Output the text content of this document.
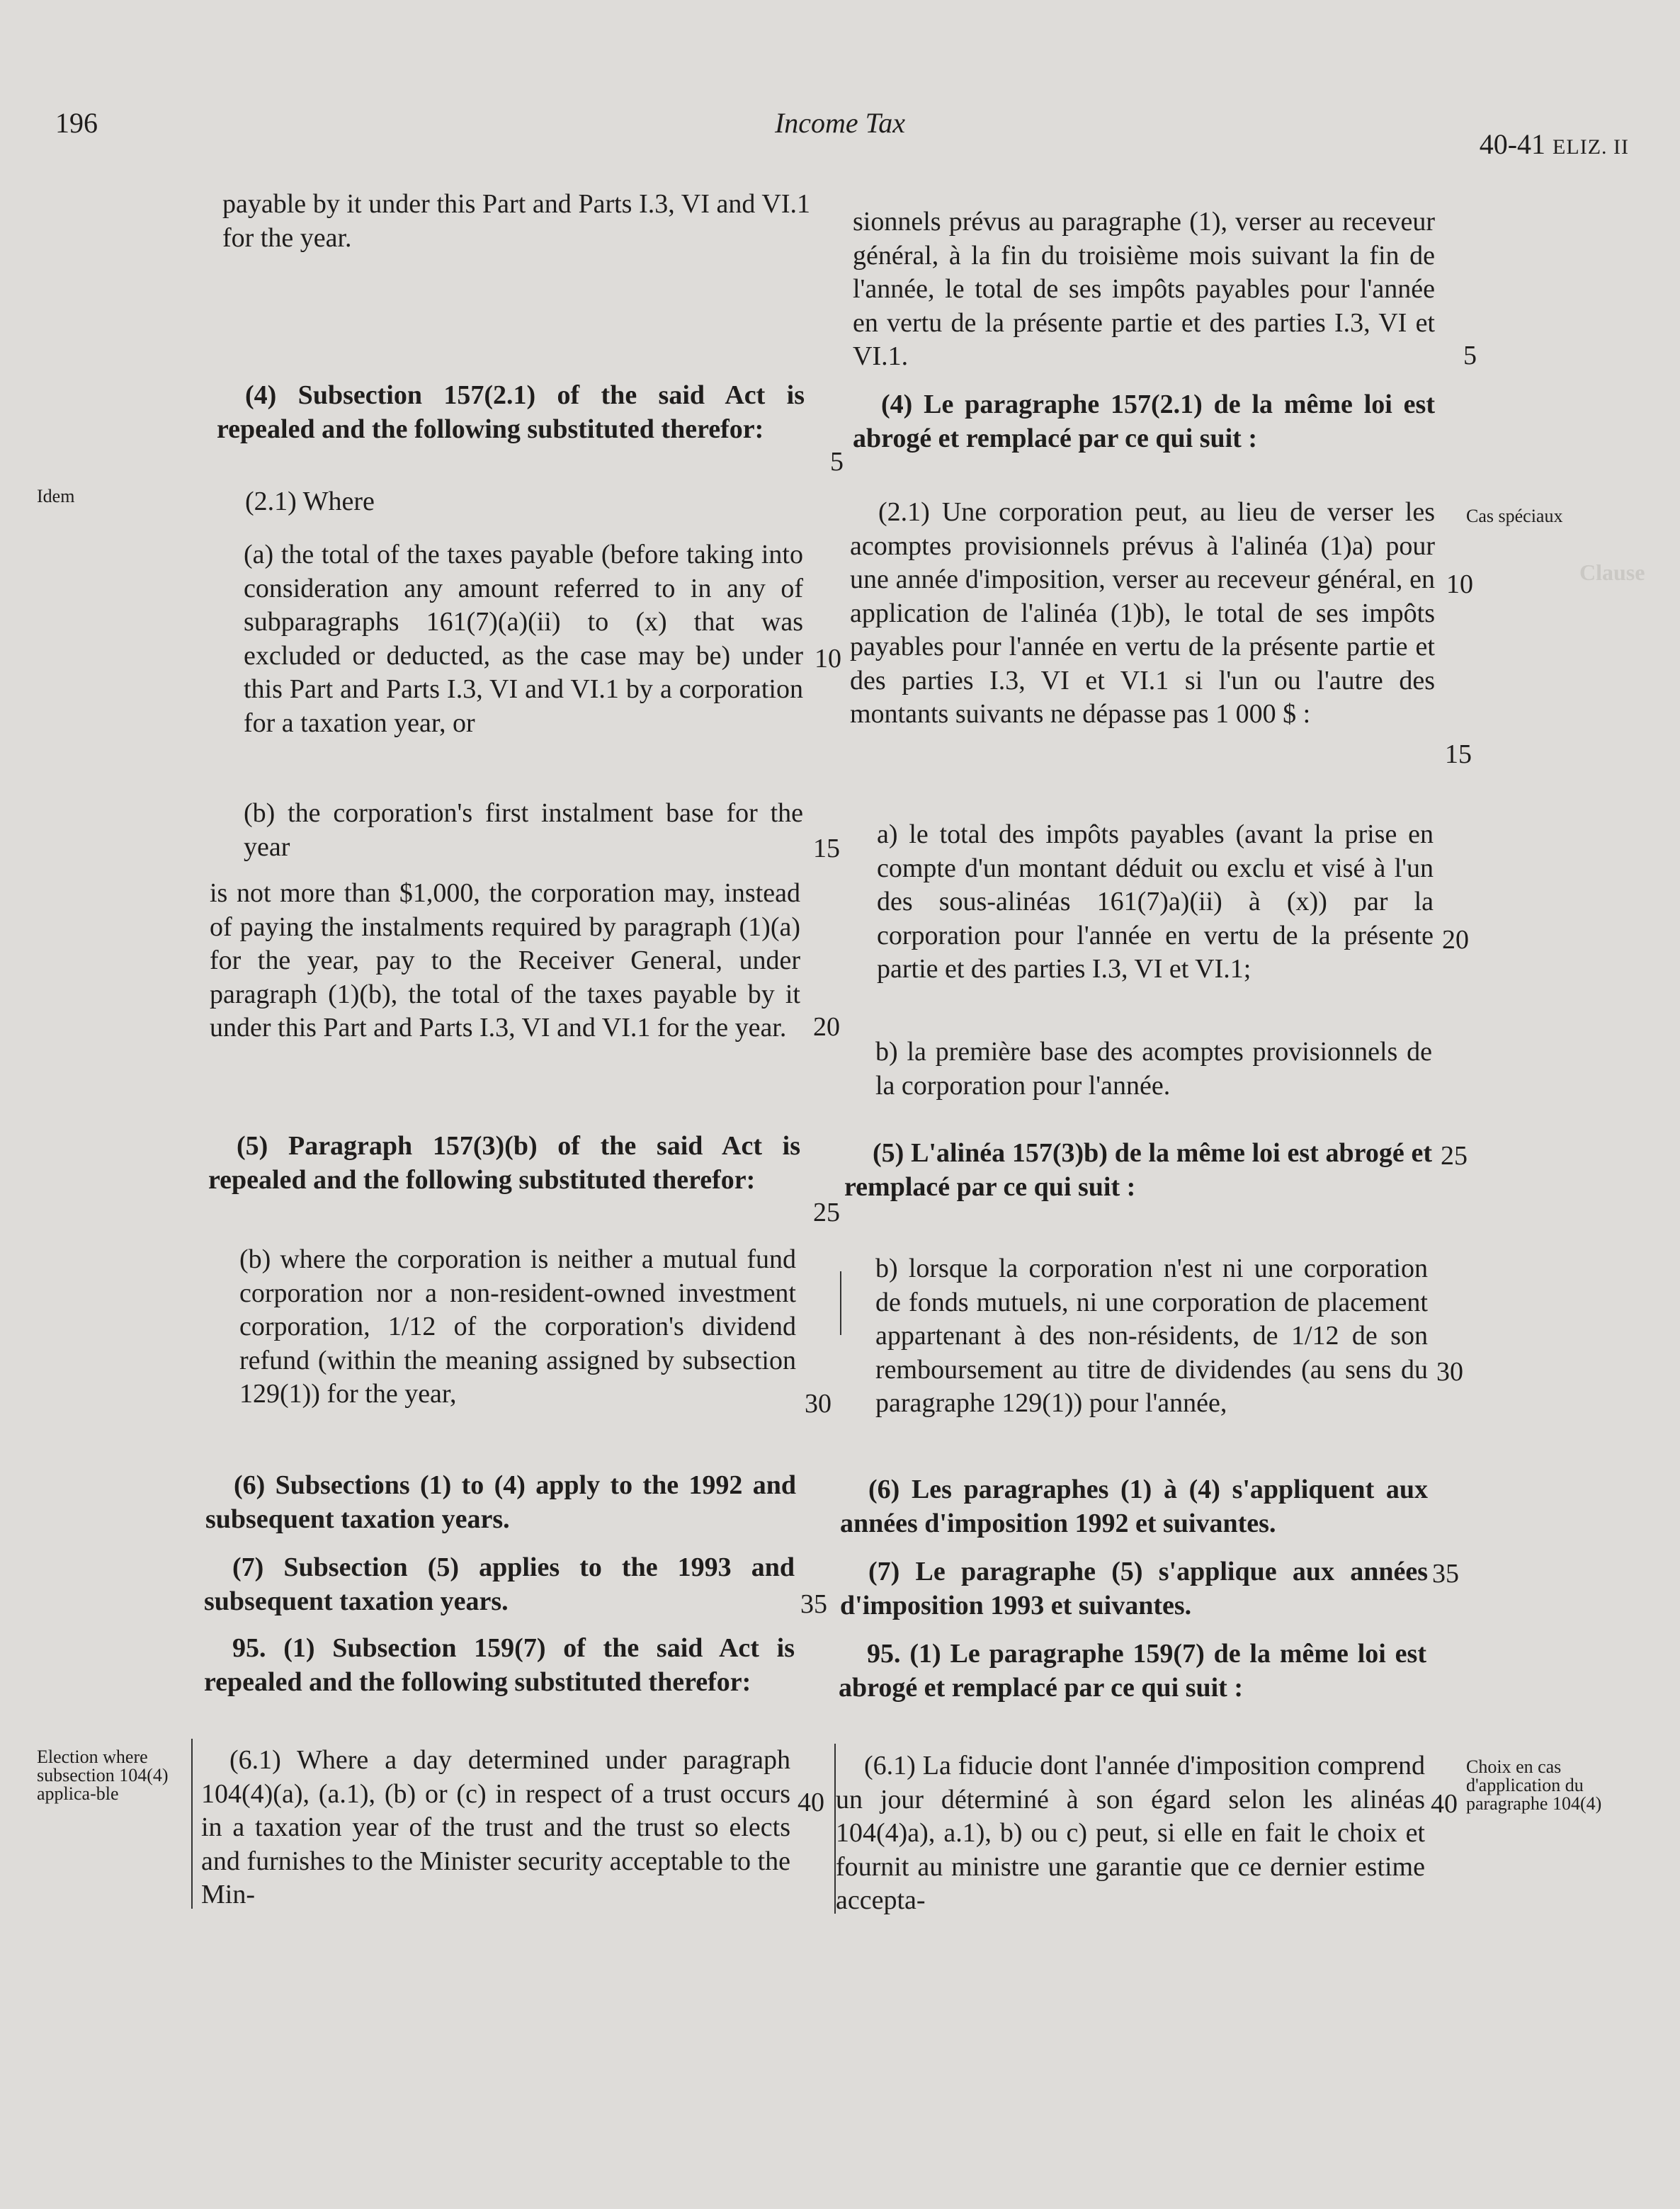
Clause
196	Income Tax
40-41 ELIZ. II
Idem
Cas spéciaux
Election where subsection 104(4) applica-ble
Choix en cas d'application du paragraphe 104(4)
payable by it under this Part and Parts I.3, VI and VI.1 for the year.
(4) Subsection 157(2.1) of the said Act is repealed and the following substituted therefor:
(2.1) Where
(a) the total of the taxes payable (before taking into consideration any amount referred to in any of subparagraphs 161(7)(a)(ii) to (x) that was excluded or deducted, as the case may be) under this Part and Parts I.3, VI and VI.1 by a corporation for a taxation year, or
(b) the corporation's first instalment base for the year
is not more than $1,000, the corporation may, instead of paying the instalments required by paragraph (1)(a) for the year, pay to the Receiver General, under paragraph (1)(b), the total of the taxes payable by it under this Part and Parts I.3, VI and VI.1 for the year.
(5) Paragraph 157(3)(b) of the said Act is repealed and the following substituted therefor:
(b) where the corporation is neither a mutual fund corporation nor a non-resident-owned investment corporation, 1/12 of the corporation's dividend refund (within the meaning assigned by subsection 129(1)) for the year,
(6) Subsections (1) to (4) apply to the 1992 and subsequent taxation years.
(7) Subsection (5) applies to the 1993 and subsequent taxation years.
95. (1) Subsection 159(7) of the said Act is repealed and the following substituted therefor:
(6.1) Where a day determined under paragraph 104(4)(a), (a.1), (b) or (c) in respect of a trust occurs in a taxation year of the trust and the trust so elects and furnishes to the Minister security acceptable to the Min-
sionnels prévus au paragraphe (1), verser au receveur général, à la fin du troisième mois suivant la fin de l'année, le total de ses impôts payables pour l'année en vertu de la présente partie et des parties I.3, VI et VI.1.
(4) Le paragraphe 157(2.1) de la même loi est abrogé et remplacé par ce qui suit :
(2.1) Une corporation peut, au lieu de verser les acomptes provisionnels prévus à l'alinéa (1)a) pour une année d'imposition, verser au receveur général, en application de l'alinéa (1)b), le total de ses impôts payables pour l'année en vertu de la présente partie et des parties I.3, VI et VI.1 si l'un ou l'autre des montants suivants ne dépasse pas 1 000 $ :
a) le total des impôts payables (avant la prise en compte d'un montant déduit ou exclu et visé à l'un des sous-alinéas 161(7)a)(ii) à (x)) par la corporation pour l'année en vertu de la présente partie et des parties I.3, VI et VI.1;
b) la première base des acomptes provisionnels de la corporation pour l'année.
(5) L'alinéa 157(3)b) de la même loi est abrogé et remplacé par ce qui suit :
b) lorsque la corporation n'est ni une corporation de fonds mutuels, ni une corporation de placement appartenant à des non-résidents, de 1/12 de son remboursement au titre de dividendes (au sens du paragraphe 129(1)) pour l'année,
(6) Les paragraphes (1) à (4) s'appliquent aux années d'imposition 1992 et suivantes.
(7) Le paragraphe (5) s'applique aux années d'imposition 1993 et suivantes.
95. (1) Le paragraphe 159(7) de la même loi est abrogé et remplacé par ce qui suit :
(6.1) La fiducie dont l'année d'imposition comprend un jour déterminé à son égard selon les alinéas 104(4)a), a.1), b) ou c) peut, si elle en fait le choix et fournit au ministre une garantie que ce dernier estime accepta-
5
10
15
20
25
30
35
40
5
10
15
20
25
30
35
40
